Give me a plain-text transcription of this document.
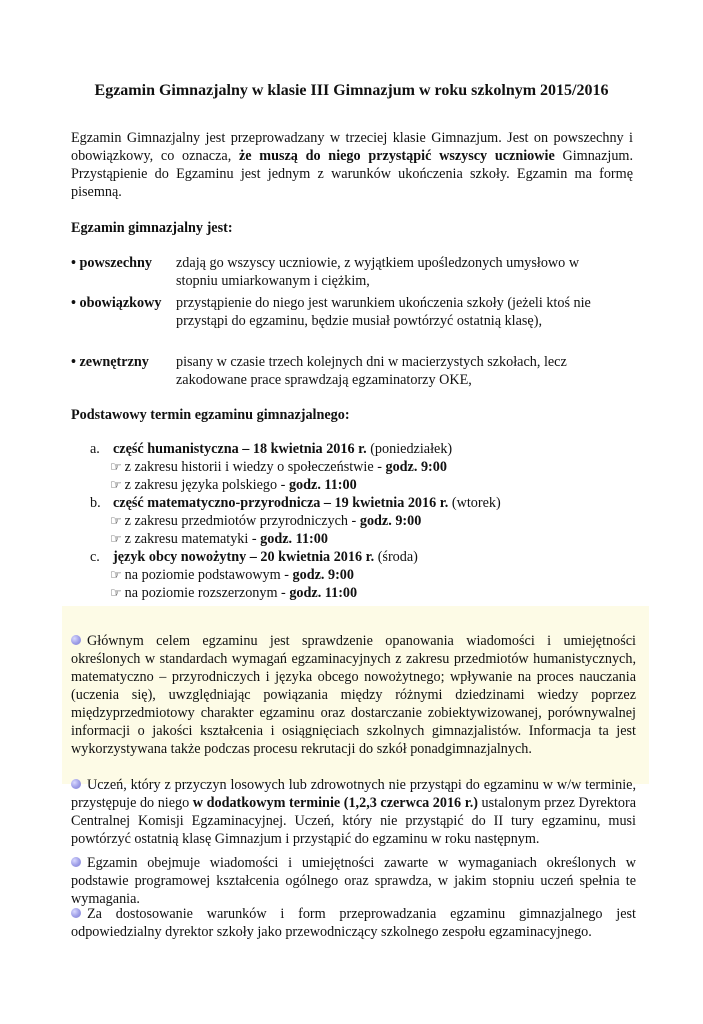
Egzamin Gimnazjalny w klasie III Gimnazjum w roku szkolnym 2015/2016
Egzamin Gimnazjalny jest przeprowadzany w trzeciej klasie Gimnazjum. Jest on powszechny i obowiązkowy, co oznacza, że muszą do niego przystąpić wszyscy uczniowie Gimnazjum. Przystąpienie do Egzaminu jest jednym z warunków ukończenia szkoły. Egzamin ma formę pisemną.
Egzamin gimnazjalny jest:
• powszechny	zdają go wszyscy uczniowie, z wyjątkiem upośledzonych umysłowo w stopniu umiarkowanym i ciężkim,
• obowiązkowy	przystąpienie do niego jest warunkiem ukończenia szkoły (jeżeli ktoś nie przystąpi do egzaminu, będzie musiał powtórzyć ostatnią klasę),
• zewnętrzny	pisany w czasie trzech kolejnych dni w macierzystych szkołach, lecz zakodowane prace sprawdzają egzaminatorzy OKE,
Podstawowy termin egzaminu gimnazjalnego:
a. część humanistyczna – 18 kwietnia 2016 r. (poniedziałek)
☞ z zakresu historii i wiedzy o społeczeństwie - godz. 9:00
☞ z zakresu języka polskiego - godz. 11:00
b. część matematyczno-przyrodnicza – 19 kwietnia 2016 r. (wtorek)
☞ z zakresu przedmiotów przyrodniczych - godz. 9:00
☞ z zakresu matematyki - godz. 11:00
c. język obcy nowożytny – 20 kwietnia 2016 r. (środa)
☞ na poziomie podstawowym - godz. 9:00
☞ na poziomie rozszerzonym - godz. 11:00
Głównym celem egzaminu jest sprawdzenie opanowania wiadomości i umiejętności określonych w standardach wymagań egzaminacyjnych z zakresu przedmiotów humanistycznych, matematyczno – przyrodniczych i języka obcego nowożytnego; wpływanie na proces nauczania (uczenia się), uwzględniając powiązania między różnymi dziedzinami wiedzy poprzez międzyprzedmiotowy charakter egzaminu oraz dostarczanie zobiektywizowanej, porównywalnej informacji o jakości kształcenia i osiągnięciach szkolnych gimnazjalistów. Informacja ta jest wykorzystywana także podczas procesu rekrutacji do szkół ponadgimnazjalnych.
Uczeń, który z przyczyn losowych lub zdrowotnych nie przystąpi do egzaminu w w/w terminie, przystępuje do niego w dodatkowym terminie (1,2,3 czerwca 2016 r.) ustalonym przez Dyrektora Centralnej Komisji Egzaminacyjnej. Uczeń, który nie przystąpić do II tury egzaminu, musi powtórzyć ostatnią klasę Gimnazjum i przystąpić do egzaminu w roku następnym.
Egzamin obejmuje wiadomości i umiejętności zawarte w wymaganiach określonych w podstawie programowej kształcenia ogólnego oraz sprawdza, w jakim stopniu uczeń spełnia te wymagania.
Za dostosowanie warunków i form przeprowadzania egzaminu gimnazjalnego jest odpowiedzialny dyrektor szkoły jako przewodniczący szkolnego zespołu egzaminacyjnego.
